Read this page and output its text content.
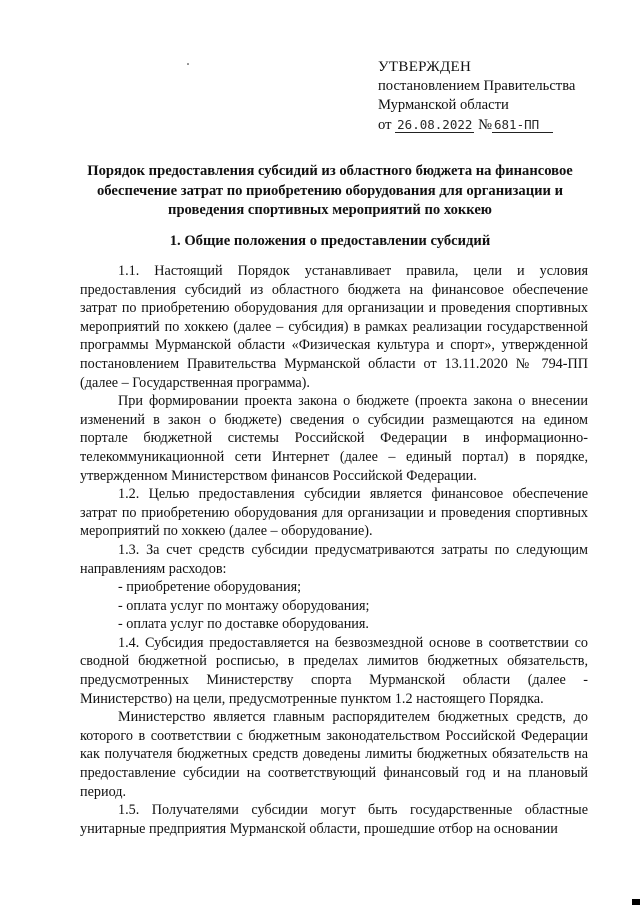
УТВЕРЖДЕН
постановлением Правительства
Мурманской области
от 26.08.2022 № 681-ПП
Порядок предоставления субсидий из областного бюджета на финансовое обеспечение затрат по приобретению оборудования для организации и проведения спортивных мероприятий по хоккею
1. Общие положения о предоставлении субсидий

1.1. Настоящий Порядок устанавливает правила, цели и условия предоставления субсидий из областного бюджета на финансовое обеспечение затрат по приобретению оборудования для организации и проведения спортивных мероприятий по хоккею (далее – субсидия) в рамках реализации государственной программы Мурманской области «Физическая культура и спорт», утвержденной постановлением Правительства Мурманской области от 13.11.2020 № 794-ПП (далее – Государственная программа).

При формировании проекта закона о бюджете (проекта закона о внесении изменений в закон о бюджете) сведения о субсидии размещаются на едином портале бюджетной системы Российской Федерации в информационно-телекоммуникационной сети Интернет (далее – единый портал) в порядке, утвержденном Министерством финансов Российской Федерации.

1.2. Целью предоставления субсидии является финансовое обеспечение затрат по приобретению оборудования для организации и проведения спортивных мероприятий по хоккею (далее – оборудование).

1.3. За счет средств субсидии предусматриваются затраты по следующим направлениям расходов:

- приобретение оборудования;

- оплата услуг по монтажу оборудования;

- оплата услуг по доставке оборудования.

1.4. Субсидия предоставляется на безвозмездной основе в соответствии со сводной бюджетной росписью, в пределах лимитов бюджетных обязательств, предусмотренных Министерству спорта Мурманской области (далее - Министерство) на цели, предусмотренные пунктом 1.2 настоящего Порядка.

Министерство является главным распорядителем бюджетных средств, до которого в соответствии с бюджетным законодательством Российской Федерации как получателя бюджетных средств доведены лимиты бюджетных обязательств на предоставление субсидии на соответствующий финансовый год и на плановый период.

1.5. Получателями субсидии могут быть государственные областные унитарные предприятия Мурманской области, прошедшие отбор на основании
